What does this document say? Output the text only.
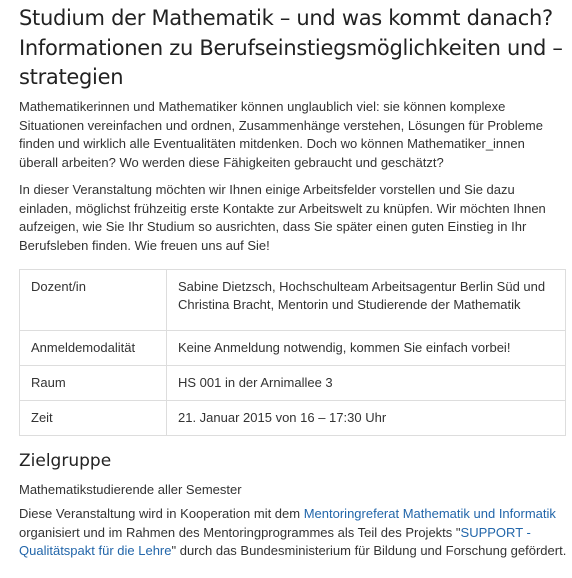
Studium der Mathematik – und was kommt danach? Informationen zu Berufseinstiegsmöglichkeiten und –strategien

Mathematikerinnen und Mathematiker können unglaublich viel: sie können komplexe Situationen vereinfachen und ordnen, Zusammenhänge verstehen, Lösungen für Probleme finden und wirklich alle Eventualitäten mitdenken. Doch wo können Mathematiker_innen überall arbeiten? Wo werden diese Fähigkeiten gebraucht und geschätzt?

In dieser Veranstaltung möchten wir Ihnen einige Arbeitsfelder vorstellen und Sie dazu einladen, möglichst frühzeitig erste Kontakte zur Arbeitswelt zu knüpfen. Wir möchten Ihnen aufzeigen, wie Sie Ihr Studium so ausrichten, dass Sie später einen guten Einstieg in Ihr Berufsleben finden. Wie freuen uns auf Sie!

Dozent/in	Sabine Dietzsch, Hochschulteam Arbeitsagentur Berlin Süd und Christina Bracht, Mentorin und Studierende der Mathematik
Anmeldemodalität	Keine Anmeldung notwendig, kommen Sie einfach vorbei!
Raum	HS 001 in der Arnimallee 3
Zeit	21. Januar 2015 von 16 – 17:30 Uhr
Zielgruppe

Mathematikstudierende aller Semester

Diese Veranstaltung wird in Kooperation mit dem Mentoringreferat Mathematik und Informatik organisiert und im Rahmen des Mentoringprogrammes als Teil des Projekts "SUPPORT - Qualitätspakt für die Lehre" durch das Bundesministerium für Bildung und Forschung gefördert.
